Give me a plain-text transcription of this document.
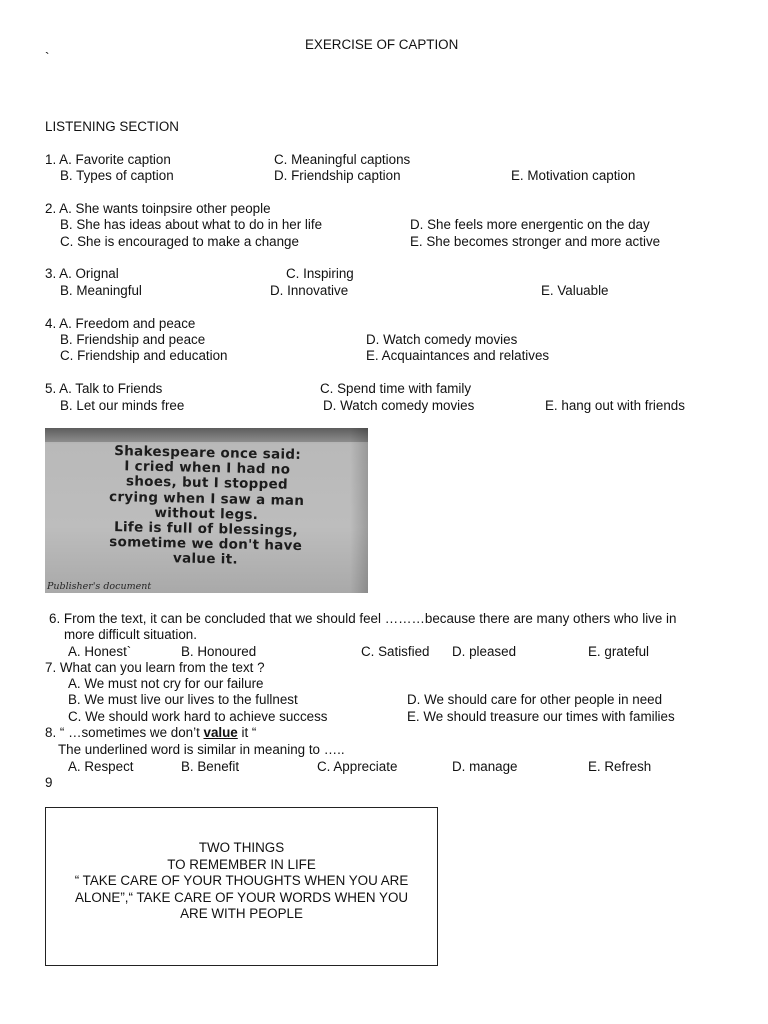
EXERCISE OF CAPTION
`
LISTENING SECTION
1. A. Favorite caption	C. Meaningful captions
B. Types of caption	D. Friendship caption	E. Motivation caption
2. A. She wants toinpsire other people
B. She has ideas about what to do in her life	D. She feels more energentic on the day
C. She is encouraged to make a change	E. She becomes stronger and more active
3. A. Orignal	C. Inspiring
B. Meaningful	D. Innovative	E. Valuable
4. A. Freedom and peace
B. Friendship and peace	D. Watch comedy movies
C. Friendship and education	E. Acquaintances and relatives
5. A. Talk to Friends	C. Spend time with family
B. Let our minds free	D. Watch comedy movies	E. hang out with friends
Shakespeare once said:
I cried when I had no
shoes, but I stopped
crying when I saw a man
without legs.
Life is full of blessings,
sometime we don't have
value it.
Publisher's document
6. From the text, it can be concluded that we should feel ………because there are many others who live in
more difficult situation.
A. Honest`	B. Honoured	C. Satisfied D. pleased	E. grateful
7. What can you learn from the text ?
A. We must not cry for our failure
B. We must live our lives to the fullnest	D. We should care for other people in need
C. We should work hard to achieve success	E. We should treasure our times with families
8. “ …sometimes we don’t value it “
The underlined word is similar in meaning to …..
A. Respect	B. Benefit	C. Appreciate	D. manage	E. Refresh
9
TWO THINGS
TO REMEMBER IN LIFE
“ TAKE CARE OF YOUR THOUGHTS WHEN YOU ARE
ALONE”,“ TAKE CARE OF YOUR WORDS WHEN YOU
ARE WITH PEOPLE
